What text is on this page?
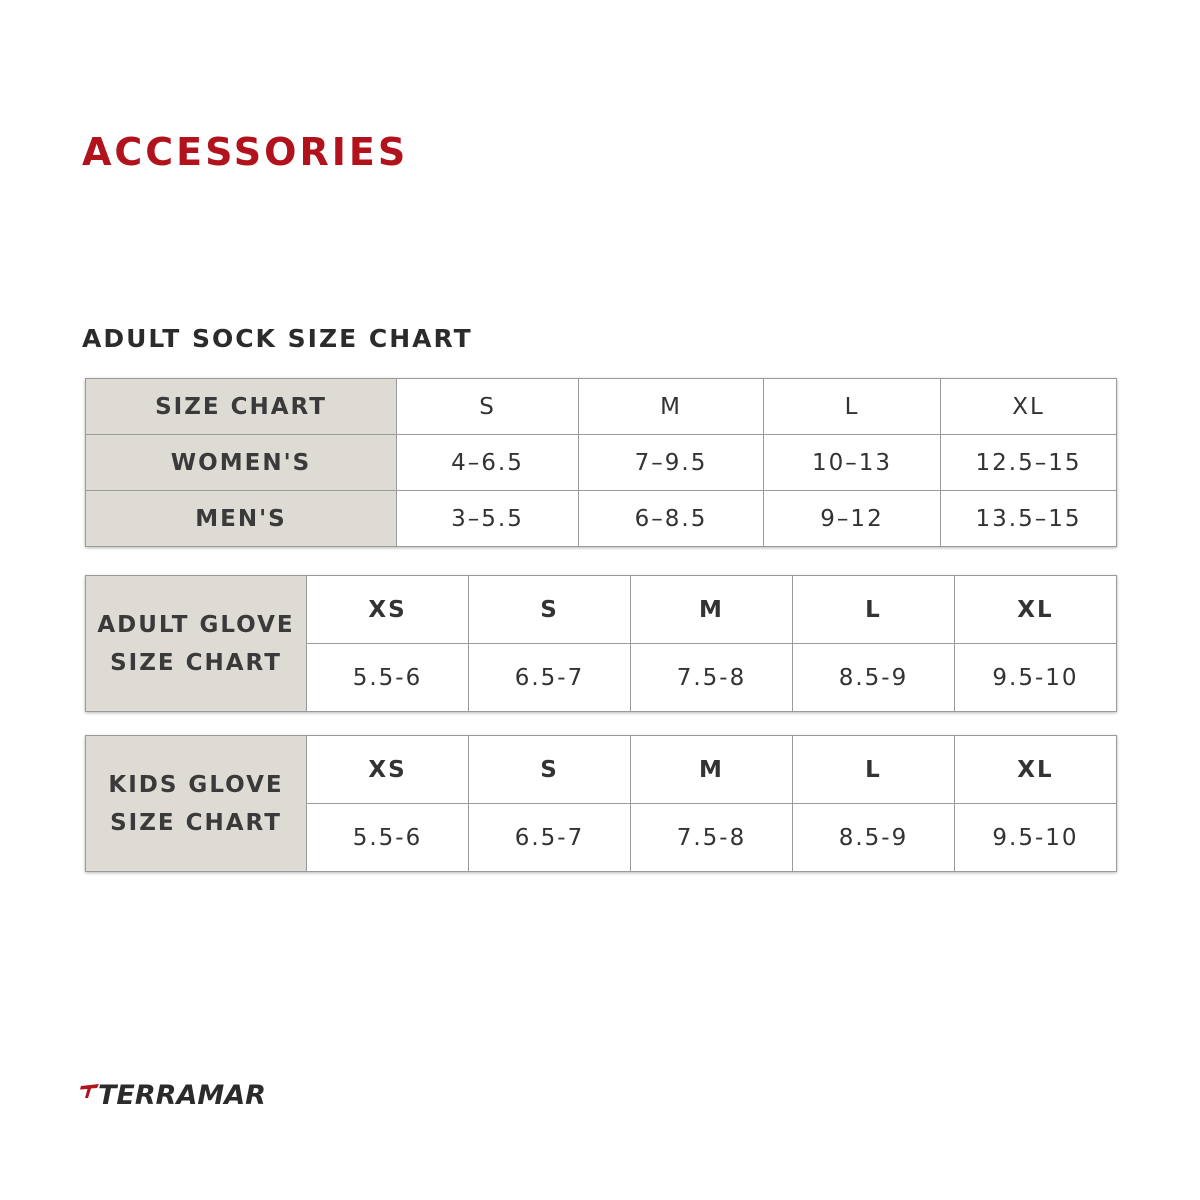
ACCESSORIES
ADULT SOCK SIZE CHART
SIZE CHART	S	M	L	XL
WOMEN'S	4–6.5	7–9.5	10–13	12.5–15
MEN'S	3–5.5	6–8.5	9–12	13.5–15
ADULT GLOVE
SIZE CHART	XS	S	M	L	XL
	5.5-6	6.5-7	7.5-8	8.5-9	9.5-10
KIDS GLOVE
SIZE CHART	XS	S	M	L	XL
	5.5-6	6.5-7	7.5-8	8.5-9	9.5-10
TERRAMAR
